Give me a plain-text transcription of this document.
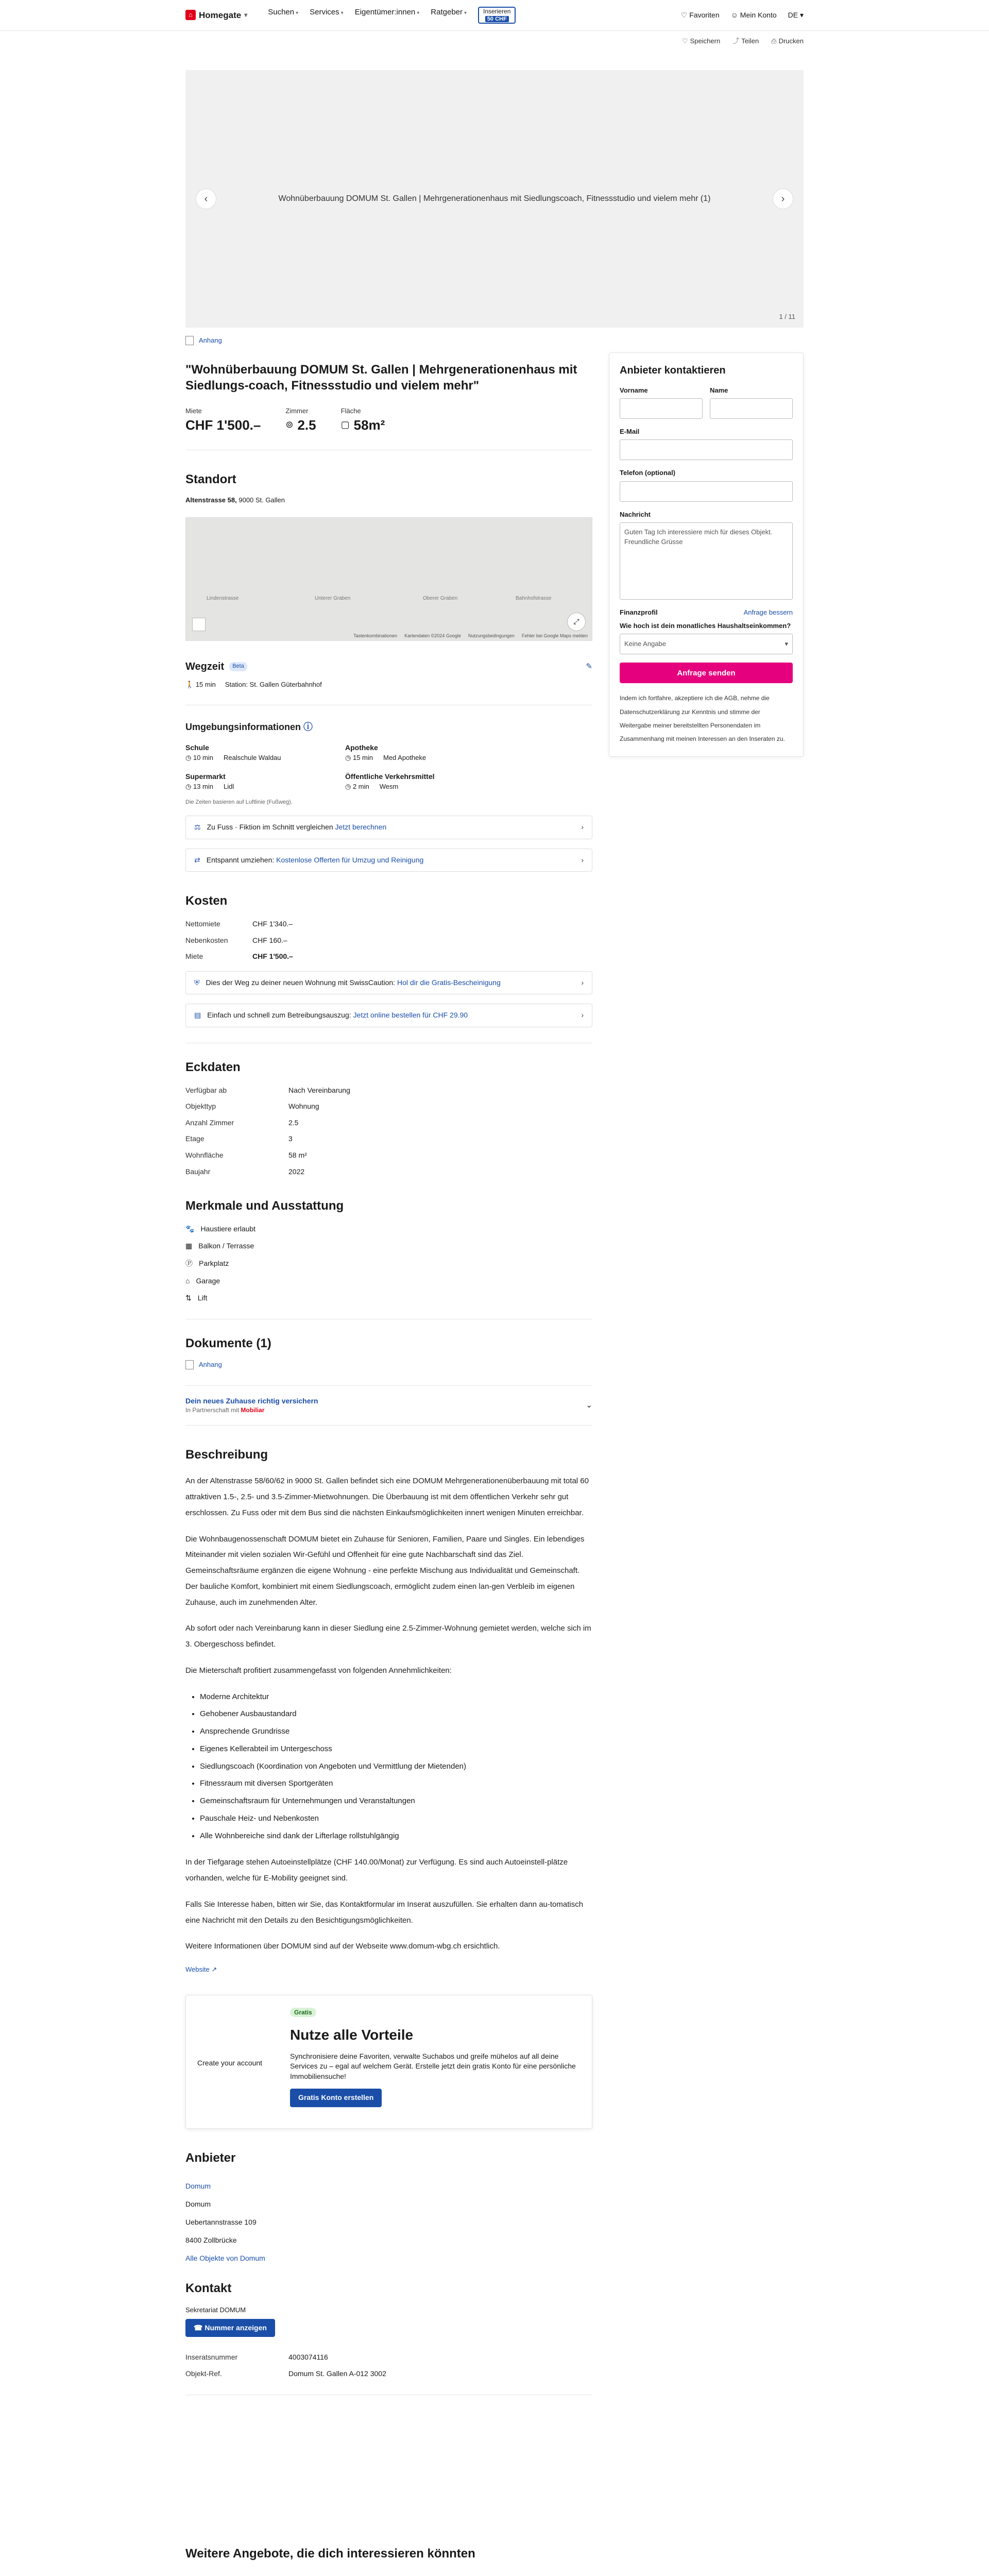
⌂ Homegate ▾	Suchen ▾ Services ▾ Eigentümer:innen ▾ Ratgeber ▾	Inserieren
50 CHF
♡ Favoriten ☺ Mein Konto DE ▾
♡ Speichern ⤴ Teilen ⎙ Drucken
‹	Wohnüberbauung DOMUM St. Gallen | Mehrgenerationenhaus mit Siedlungscoach, Fitnessstudio und vielem mehr (1)	›
1 / 11
Anhang
"Wohnüberbauung DOMUM St. Gallen | Mehrgenerationenhaus mit Siedlungs-coach, Fitnessstudio und vielem mehr"
Miete
CHF 1'500.–
Zimmer
⊚ 2.5
Fläche
▢ 58m²
Standort
Altenstrasse 58, 9000 St. Gallen
Lindenstrasse	Unterer Graben	Oberer Graben	Bahnhofstrasse
⤢
Tastenkombinationen Kartendaten ©2024 Google Nutzungsbedingungen Fehler bei Google Maps melden
Wegzeit	Beta	✎
🚶 15 min Station: St. Gallen Güterbahnhof
Umgebungsinformationen ⓘ
Schule
◷ 10 min Realschule Waldau
Apotheke
◷ 15 min Med Apotheke
Supermarkt
◷ 13 min Lidl
Öffentliche Verkehrsmittel
◷ 2 min Wesm
Die Zeiten basieren auf Luftlinie (Fußweg).
⚖ Zu Fuss · Fiktion im Schnitt vergleichen Jetzt berechnen	›
⇄ Entspannt umziehen: Kostenlose Offerten für Umzug und Reinigung	›
Kosten
Nettomiete	CHF 1'340.–
Nebenkosten	CHF 160.–
Miete	CHF 1'500.–
⛨ Dies der Weg zu deiner neuen Wohnung mit SwissCaution: Hol dir die Gratis-Bescheinigung	›
▤ Einfach und schnell zum Betreibungsauszug: Jetzt online bestellen für CHF 29.90	›
Eckdaten
Verfügbar ab	Nach Vereinbarung
Objekttyp	Wohnung
Anzahl Zimmer	2.5
Etage	3
Wohnfläche	58 m²
Baujahr	2022
Merkmale und Ausstattung
🐾 Haustiere erlaubt
▦ Balkon / Terrasse
Ⓟ Parkplatz
⌂ Garage
⇅ Lift
Dokumente (1)
Anhang
Dein neues Zuhause richtig versichern
In Partnerschaft mit Mobiliar
⌄
Beschreibung

An der Altenstrasse 58/60/62 in 9000 St. Gallen befindet sich eine DOMUM Mehrgenerationenüberbauung mit total 60 attraktiven 1.5-, 2.5- und 3.5-Zimmer-Mietwohnungen. Die Überbauung ist mit dem öffentlichen Verkehr sehr gut erschlossen. Zu Fuss oder mit dem Bus sind die nächsten Einkaufsmöglichkeiten innert wenigen Minuten erreichbar.

Die Wohnbaugenossenschaft DOMUM bietet ein Zuhause für Senioren, Familien, Paare und Singles. Ein lebendiges Miteinander mit vielen sozialen Wir-Gefühl und Offenheit für eine gute Nachbarschaft sind das Ziel. Gemeinschaftsräume ergänzen die eigene Wohnung - eine perfekte Mischung aus Individualität und Gemeinschaft. Der bauliche Komfort, kombiniert mit einem Siedlungscoach, ermöglicht zudem einen lan-gen Verbleib im eigenen Zuhause, auch im zunehmenden Alter.

Ab sofort oder nach Vereinbarung kann in dieser Siedlung eine 2.5-Zimmer-Wohnung gemietet werden, welche sich im 3. Obergeschoss befindet.

Die Mieterschaft profitiert zusammengefasst von folgenden Annehmlichkeiten:

• Moderne Architektur
• Gehobener Ausbaustandard
• Ansprechende Grundrisse
• Eigenes Kellerabteil im Untergeschoss
• Siedlungscoach (Koordination von Angeboten und Vermittlung der Mietenden)
• Fitnessraum mit diversen Sportgeräten
• Gemeinschaftsraum für Unternehmungen und Veranstaltungen
• Pauschale Heiz- und Nebenkosten
• Alle Wohnbereiche sind dank der Lifterlage rollstuhlgängig

In der Tiefgarage stehen Autoeinstellplätze (CHF 140.00/Monat) zur Verfügung. Es sind auch Autoeinstell-plätze vorhanden, welche für E-Mobility geeignet sind.

Falls Sie Interesse haben, bitten wir Sie, das Kontaktformular im Inserat auszufüllen. Sie erhalten dann au-tomatisch eine Nachricht mit den Details zu den Besichtigungsmöglichkeiten.

Weitere Informationen über DOMUM sind auf der Webseite www.domum-wbg.ch ersichtlich.

Website ↗
Create your account
Gratis
Nutze alle Vorteile

Synchronisiere deine Favoriten, verwalte Suchabos und greife mühelos auf all deine Services zu – egal auf welchem Gerät. Erstelle jetzt dein gratis Konto für eine persönliche Immobiliensuche!

Gratis Konto erstellen
Anbieter
Domum
Domum
Uebertannstrasse 109
8400 Zollbrücke
Alle Objekte von Domum
Kontakt
Sekretariat DOMUM
☎ Nummer anzeigen
Inseratsnummer	4003074116
Objekt-Ref.	Domum St. Gallen A-012 3002
Anbieter kontaktieren
Vorname	Name
E-Mail
Telefon (optional)
Nachricht
Guten Tag Ich interessiere mich für dieses Objekt. Freundliche Grüsse
Finanzprofil	Anfrage bessern
Wie hoch ist dein monatliches Haushaltseinkommen?
Keine Angabe	▾
Anfrage senden
Indem ich fortfahre, akzeptiere ich die AGB, nehme die Datenschutzerklärung zur Kenntnis und stimme der Weitergabe meiner bereitstellten Personendaten im Zusammenhang mit meinen Interessen an den Inseraten zu.
Weitere Angebote, die dich interessieren könnten
